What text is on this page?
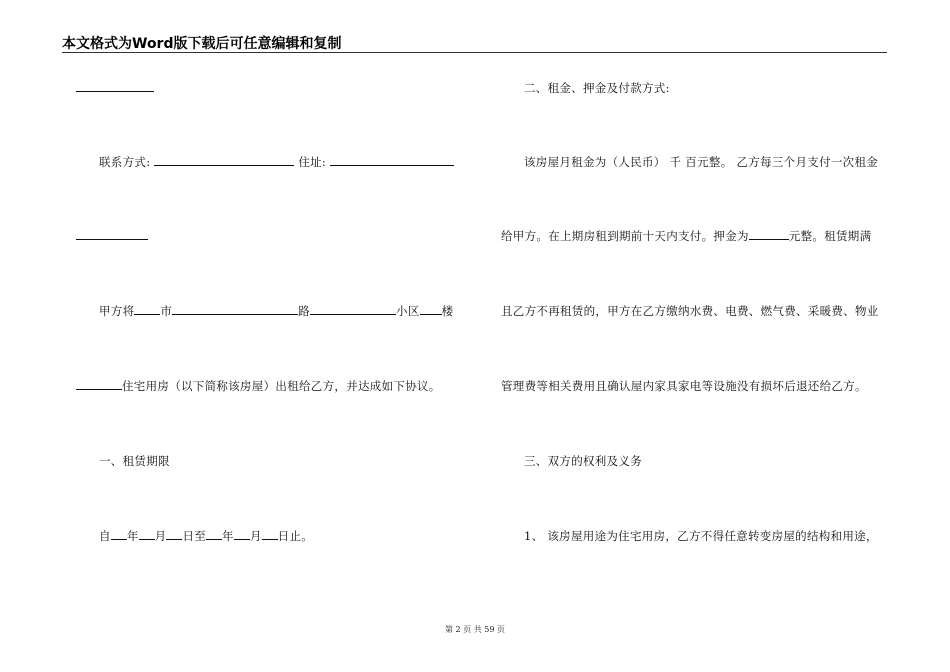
本文格式为Word版下载后可任意编辑和复制
联系方式:	住址:
甲方将 市	路	小区 楼
住宅用房（以下简称该房屋）出租给乙方，并达成如下协议。
一、租赁期限
自 年 月 日至 年 月 日止。
二、租金、押金及付款方式:
该房屋月租金为（人民币） 千 百元整。 乙方每三个月支付一次租金
给甲方。在上期房租到期前十天内支付。押金为	元整。租赁期满
且乙方不再租赁的，甲方在乙方缴纳水费、电费、燃气费、采暖费、物业
管理费等相关费用且确认屋内家具家电等设施没有损坏后退还给乙方。
三、双方的权利及义务
1、 该房屋用途为住宅用房，乙方不得任意转变房屋的结构和用途，
第 2 页 共 59 页
